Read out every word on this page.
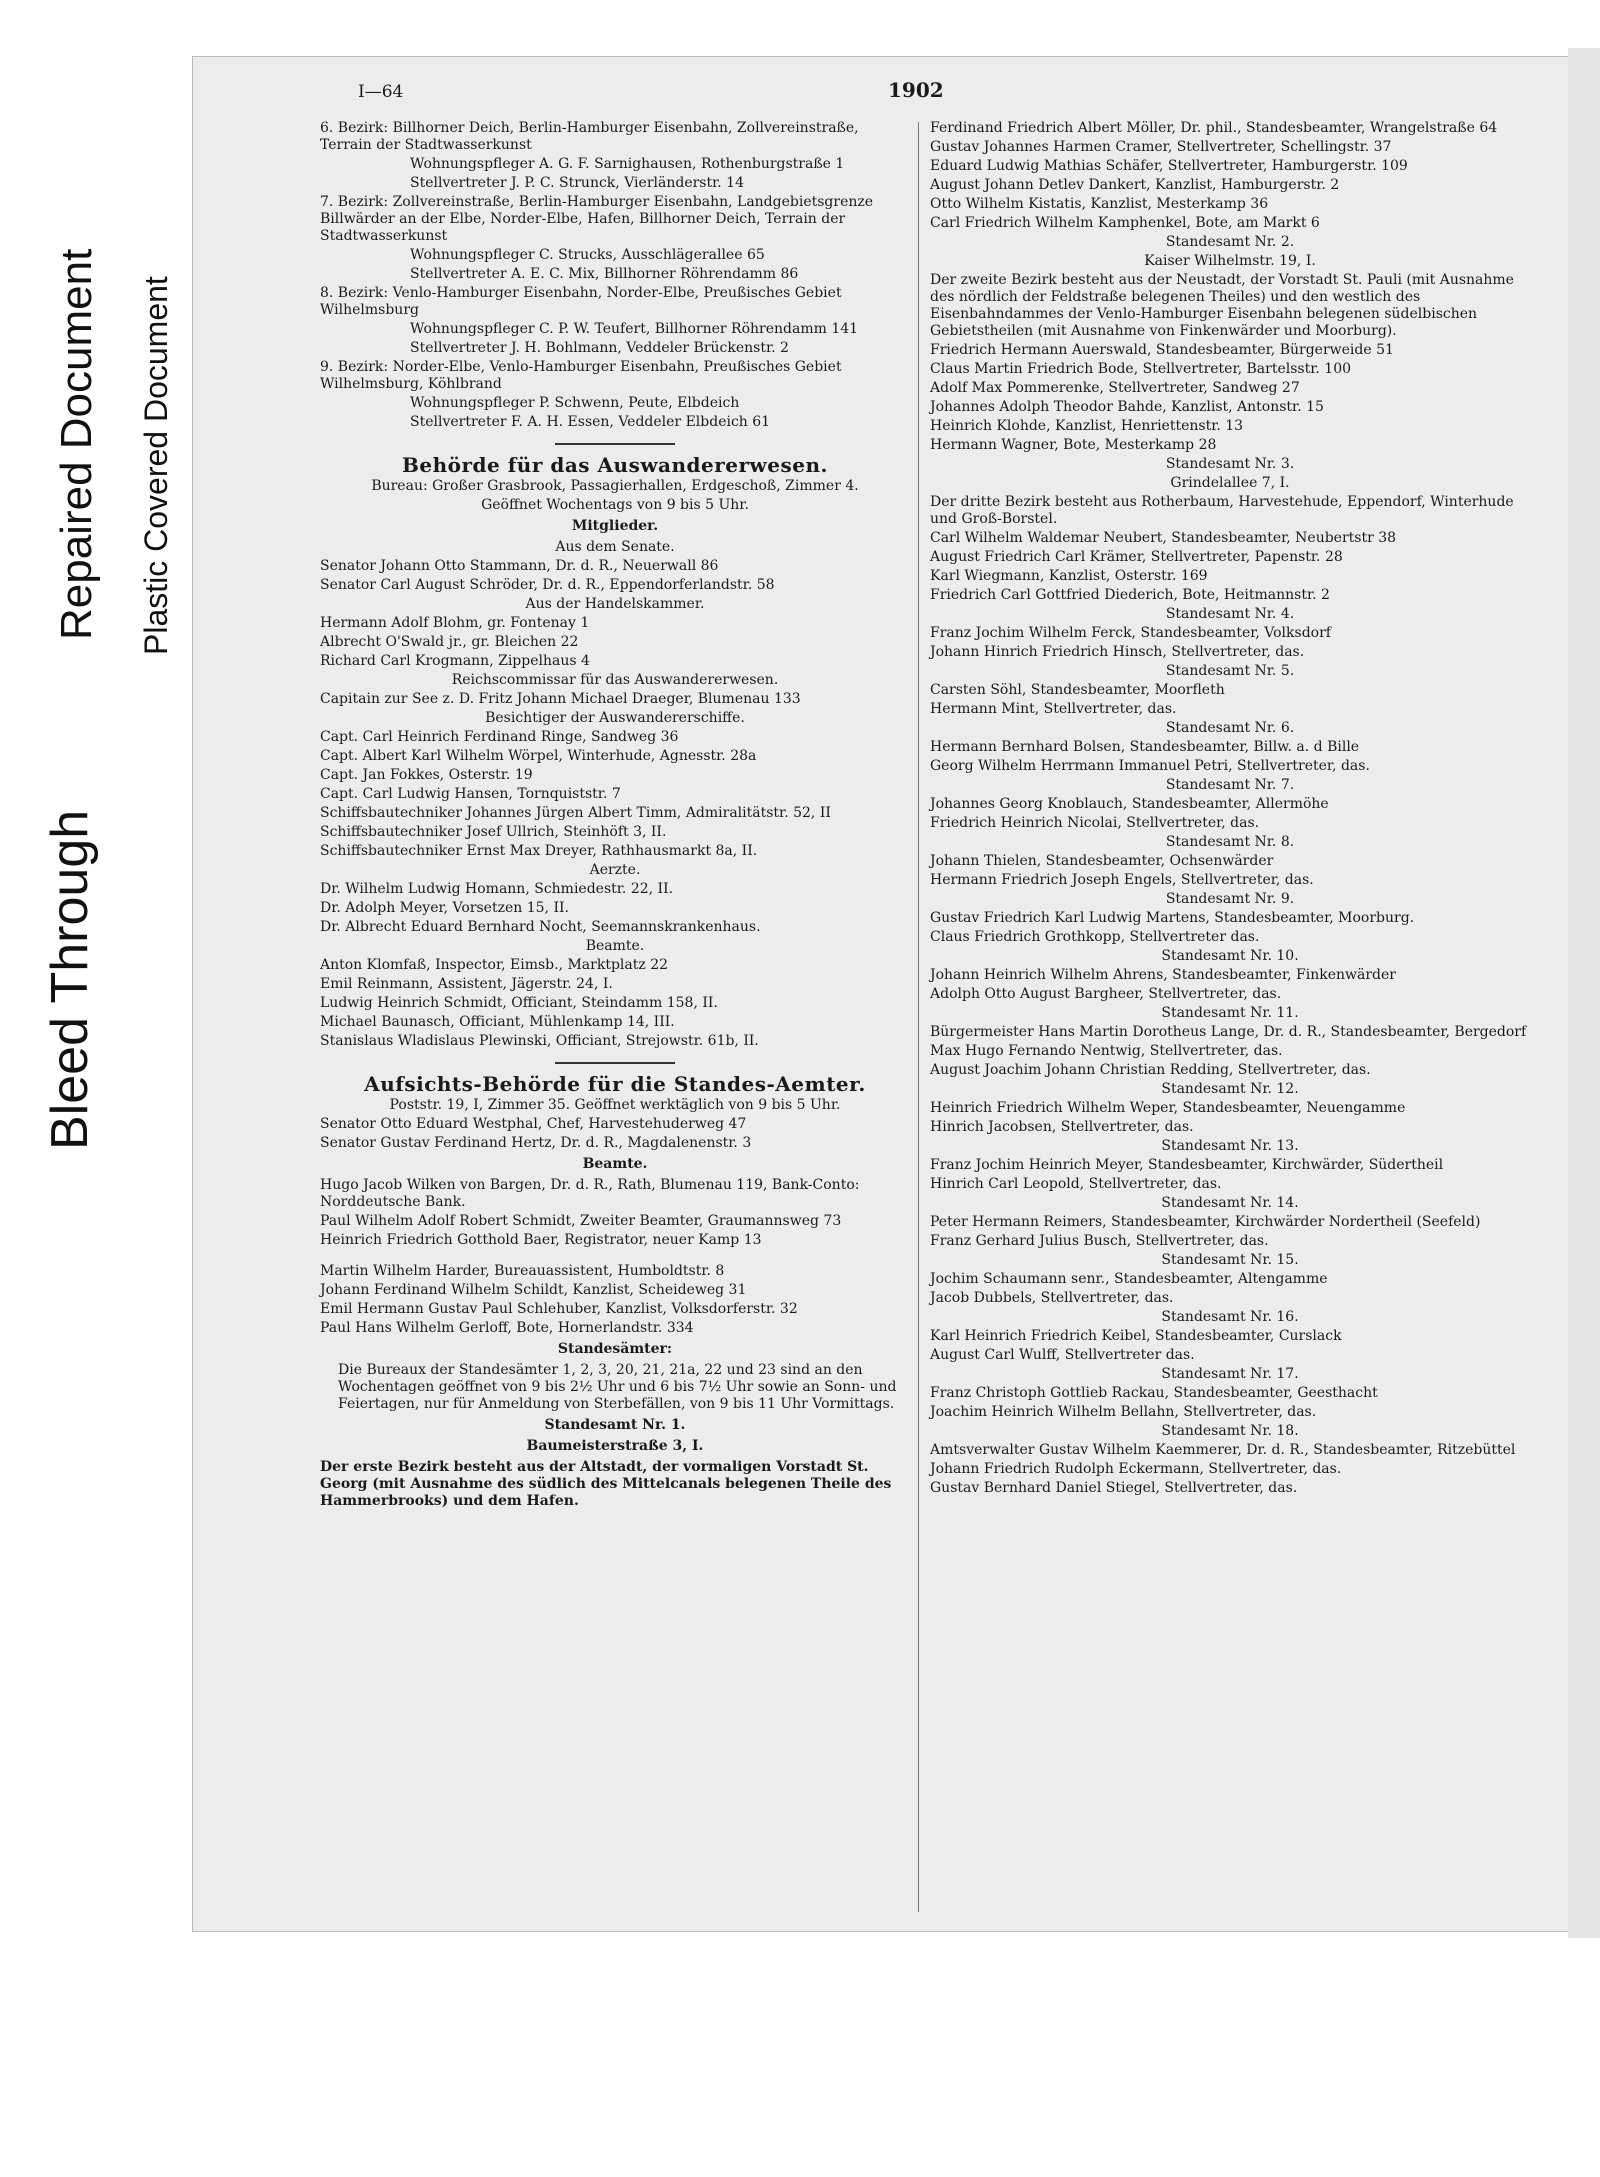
Bleed Through
Repaired Document Plastic Covered Document
I—64	1902

6. Bezirk: Billhorner Deich, Berlin-Hamburger Eisenbahn, Zollvereinstraße, Terrain der Stadtwasserkunst

Wohnungspfleger A. G. F. Sarnighausen, Rothenburgstraße 1

Stellvertreter J. P. C. Strunck, Vierländerstr. 14

7. Bezirk: Zollvereinstraße, Berlin-Hamburger Eisenbahn, Landgebietsgrenze Billwärder an der Elbe, Norder-Elbe, Hafen, Billhorner Deich, Terrain der Stadtwasserkunst

Wohnungspfleger C. Strucks, Ausschlägerallee 65

Stellvertreter A. E. C. Mix, Billhorner Röhrendamm 86

8. Bezirk: Venlo-Hamburger Eisenbahn, Norder-Elbe, Preußisches Gebiet Wilhelmsburg

Wohnungspfleger C. P. W. Teufert, Billhorner Röhrendamm 141

Stellvertreter J. H. Bohlmann, Veddeler Brückenstr. 2

9. Bezirk: Norder-Elbe, Venlo-Hamburger Eisenbahn, Preußisches Gebiet Wilhelmsburg, Köhlbrand

Wohnungspfleger P. Schwenn, Peute, Elbdeich

Stellvertreter F. A. H. Essen, Veddeler Elbdeich 61

Behörde für das Auswandererwesen.
Bureau: Großer Grasbrook, Passagierhallen, Erdgeschoß, Zimmer 4.
Geöffnet Wochentags von 9 bis 5 Uhr.
Mitglieder.
Aus dem Senate.

Senator Johann Otto Stammann, Dr. d. R., Neuerwall 86

Senator Carl August Schröder, Dr. d. R., Eppendorferlandstr. 58

Aus der Handelskammer.

Hermann Adolf Blohm, gr. Fontenay 1

Albrecht O'Swald jr., gr. Bleichen 22

Richard Carl Krogmann, Zippelhaus 4

Reichscommissar für das Auswandererwesen.

Capitain zur See z. D. Fritz Johann Michael Draeger, Blumenau 133

Besichtiger der Auswandererschiffe.

Capt. Carl Heinrich Ferdinand Ringe, Sandweg 36

Capt. Albert Karl Wilhelm Wörpel, Winterhude, Agnesstr. 28a

Capt. Jan Fokkes, Osterstr. 19

Capt. Carl Ludwig Hansen, Tornquiststr. 7

Schiffsbautechniker Johannes Jürgen Albert Timm, Admiralitätstr. 52, II

Schiffsbautechniker Josef Ullrich, Steinhöft 3, II.

Schiffsbautechniker Ernst Max Dreyer, Rathhausmarkt 8a, II.

Aerzte.

Dr. Wilhelm Ludwig Homann, Schmiedestr. 22, II.

Dr. Adolph Meyer, Vorsetzen 15, II.

Dr. Albrecht Eduard Bernhard Nocht, Seemannskrankenhaus.

Beamte.

Anton Klomfaß, Inspector, Eimsb., Marktplatz 22

Emil Reinmann, Assistent, Jägerstr. 24, I.

Ludwig Heinrich Schmidt, Officiant, Steindamm 158, II.

Michael Baunasch, Officiant, Mühlenkamp 14, III.

Stanislaus Wladislaus Plewinski, Officiant, Strejowstr. 61b, II.

Aufsichts-Behörde für die Standes-Aemter.
Poststr. 19, I, Zimmer 35. Geöffnet werktäglich von 9 bis 5 Uhr.

Senator Otto Eduard Westphal, Chef, Harvestehuderweg 47

Senator Gustav Ferdinand Hertz, Dr. d. R., Magdalenenstr. 3

Beamte.

Hugo Jacob Wilken von Bargen, Dr. d. R., Rath, Blumenau 119, Bank-Conto: Norddeutsche Bank.

Paul Wilhelm Adolf Robert Schmidt, Zweiter Beamter, Graumannsweg 73

Heinrich Friedrich Gotthold Baer, Registrator, neuer Kamp 13

Martin Wilhelm Harder, Bureauassistent, Humboldtstr. 8

Johann Ferdinand Wilhelm Schildt, Kanzlist, Scheideweg 31

Emil Hermann Gustav Paul Schlehuber, Kanzlist, Volksdorferstr. 32

Paul Hans Wilhelm Gerloff, Bote, Hornerlandstr. 334

Standesämter:

Die Bureaux der Standesämter 1, 2, 3, 20, 21, 21a, 22 und 23 sind an den Wochentagen geöffnet von 9 bis 2½ Uhr und 6 bis 7½ Uhr sowie an Sonn- und Feiertagen, nur für Anmeldung von Sterbefällen, von 9 bis 11 Uhr Vormittags.

Standesamt Nr. 1.
Baumeisterstraße 3, I.

Der erste Bezirk besteht aus der Altstadt, der vormaligen Vorstadt St. Georg (mit Ausnahme des südlich des Mittelcanals belegenen Theile des Hammerbrooks) und dem Hafen.

Ferdinand Friedrich Albert Möller, Dr. phil., Standesbeamter, Wrangelstraße 64

Gustav Johannes Harmen Cramer, Stellvertreter, Schellingstr. 37

Eduard Ludwig Mathias Schäfer, Stellvertreter, Hamburgerstr. 109

August Johann Detlev Dankert, Kanzlist, Hamburgerstr. 2

Otto Wilhelm Kistatis, Kanzlist, Mesterkamp 36

Carl Friedrich Wilhelm Kamphenkel, Bote, am Markt 6

Standesamt Nr. 2.
Kaiser Wilhelmstr. 19, I.

Der zweite Bezirk besteht aus der Neustadt, der Vorstadt St. Pauli (mit Ausnahme des nördlich der Feldstraße belegenen Theiles) und den westlich des Eisenbahndammes der Venlo-Hamburger Eisenbahn belegenen südelbischen Gebietstheilen (mit Ausnahme von Finkenwärder und Moorburg).

Friedrich Hermann Auerswald, Standesbeamter, Bürgerweide 51

Claus Martin Friedrich Bode, Stellvertreter, Bartelsstr. 100

Adolf Max Pommerenke, Stellvertreter, Sandweg 27

Johannes Adolph Theodor Bahde, Kanzlist, Antonstr. 15

Heinrich Klohde, Kanzlist, Henriettenstr. 13

Hermann Wagner, Bote, Mesterkamp 28

Standesamt Nr. 3.
Grindelallee 7, I.

Der dritte Bezirk besteht aus Rotherbaum, Harvestehude, Eppendorf, Winterhude und Groß-Borstel.

Carl Wilhelm Waldemar Neubert, Standesbeamter, Neubertstr 38

August Friedrich Carl Krämer, Stellvertreter, Papenstr. 28

Karl Wiegmann, Kanzlist, Osterstr. 169

Friedrich Carl Gottfried Diederich, Bote, Heitmannstr. 2

Standesamt Nr. 4.

Franz Jochim Wilhelm Ferck, Standesbeamter, Volksdorf

Johann Hinrich Friedrich Hinsch, Stellvertreter, das.

Standesamt Nr. 5.

Carsten Söhl, Standesbeamter, Moorfleth

Hermann Mint, Stellvertreter, das.

Standesamt Nr. 6.

Hermann Bernhard Bolsen, Standesbeamter, Billw. a. d Bille

Georg Wilhelm Herrmann Immanuel Petri, Stellvertreter, das.

Standesamt Nr. 7.

Johannes Georg Knoblauch, Standesbeamter, Allermöhe

Friedrich Heinrich Nicolai, Stellvertreter, das.

Standesamt Nr. 8.

Johann Thielen, Standesbeamter, Ochsenwärder

Hermann Friedrich Joseph Engels, Stellvertreter, das.

Standesamt Nr. 9.

Gustav Friedrich Karl Ludwig Martens, Standesbeamter, Moorburg.

Claus Friedrich Grothkopp, Stellvertreter das.

Standesamt Nr. 10.

Johann Heinrich Wilhelm Ahrens, Standesbeamter, Finkenwärder

Adolph Otto August Bargheer, Stellvertreter, das.

Standesamt Nr. 11.

Bürgermeister Hans Martin Dorotheus Lange, Dr. d. R., Standesbeamter, Bergedorf

Max Hugo Fernando Nentwig, Stellvertreter, das.

August Joachim Johann Christian Redding, Stellvertreter, das.

Standesamt Nr. 12.

Heinrich Friedrich Wilhelm Weper, Standesbeamter, Neuengamme

Hinrich Jacobsen, Stellvertreter, das.

Standesamt Nr. 13.

Franz Jochim Heinrich Meyer, Standesbeamter, Kirchwärder, Süderthеil

Hinrich Carl Leopold, Stellvertreter, das.

Standesamt Nr. 14.

Peter Hermann Reimers, Standesbeamter, Kirchwärder Nordertheil (Seefeld)

Franz Gerhard Julius Busch, Stellvertreter, das.

Standesamt Nr. 15.

Jochim Schaumann senr., Standesbeamter, Altengamme

Jacob Dubbels, Stellvertreter, das.

Standesamt Nr. 16.

Karl Heinrich Friedrich Keibel, Standesbeamter, Curslack

August Carl Wulff, Stellvertreter das.

Standesamt Nr. 17.

Franz Christoph Gottlieb Rackau, Standesbeamter, Geesthacht

Joachim Heinrich Wilhelm Bellahn, Stellvertreter, das.

Standesamt Nr. 18.

Amtsverwalter Gustav Wilhelm Kaemmerer, Dr. d. R., Standesbeamter, Ritzebüttel

Johann Friedrich Rudolph Eckermann, Stellvertreter, das.

Gustav Bernhard Daniel Stiegel, Stellvertreter, das.
